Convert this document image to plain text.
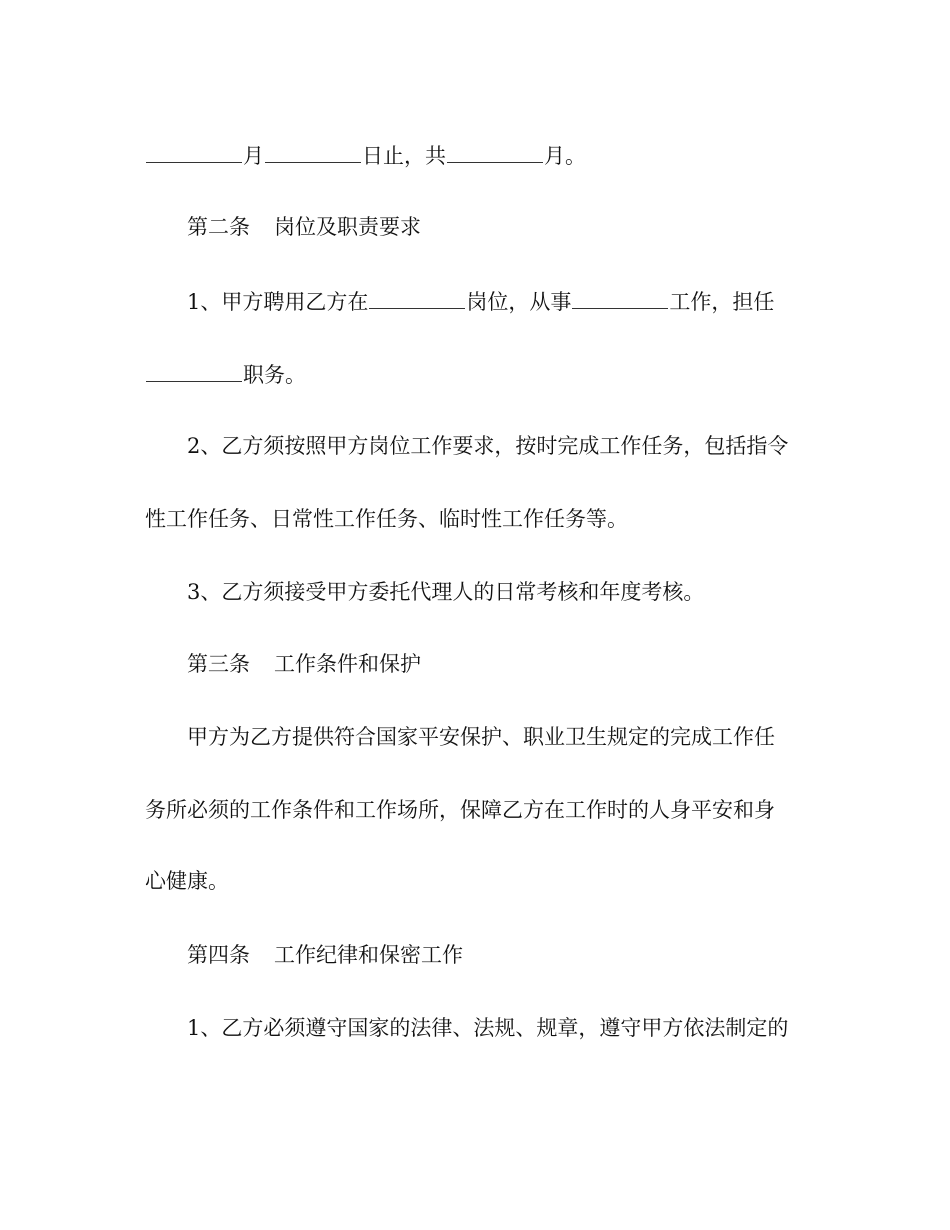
月	日止，共	月。

第二条 岗位及职责要求

1、甲方聘用乙方在	岗位，从事	工作，担任

职务。

2、乙方须按照甲方岗位工作要求，按时完成工作任务，包括指令

性工作任务、日常性工作任务、临时性工作任务等。

3、乙方须接受甲方委托代理人的日常考核和年度考核。

第三条 工作条件和保护

甲方为乙方提供符合国家平安保护、职业卫生规定的完成工作任

务所必须的工作条件和工作场所，保障乙方在工作时的人身平安和身

心健康。

第四条 工作纪律和保密工作

1、乙方必须遵守国家的法律、法规、规章，遵守甲方依法制定的
